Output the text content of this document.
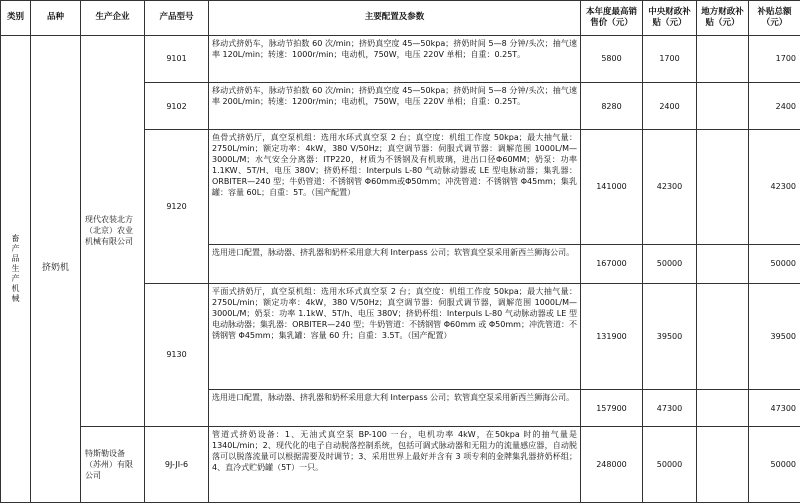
类别	品种	生产企业	产品型号	主要配置及参数	本年度最高销售价（元）	中央财政补贴（元）	地方财政补贴（元）	补贴总额（元）
畜产品生产机械	挤奶机	现代农装北方（北京）农业机械有限公司	9101	移动式挤奶车，脉动节拍数 60 次/min；挤奶真空度 45—50kpa；挤奶时间 5—8 分钟/头次；抽气速率 120L/min；转速：1000r/min；电动机，750W，电压 220V 单相；自重：0.25T。	5800	1700		1700
			9102	移动式挤奶车，脉动节拍数 60 次/min；挤奶真空度 45—50kpa；挤奶时间 5—8 分钟/头次；抽气速率 200L/min；转速：1200r/min；电动机，750W，电压 220V 单相；自重：0.25T。	8280	2400		2400
			9120	鱼骨式挤奶厅，真空泵机组：选用水环式真空泵 2 台；真空度：机组工作度 50kpa；最大抽气量：2750L/min；额定功率：4kW，380 V/50Hz；真空调节器：伺服式调节器：调解范围 1000L/M—3000L/M；水气安全分离器：ITP220，材质为不锈钢及有机玻璃，进出口径Φ60MM；奶泵：功率 1.1KW、5T/H、电压 380V；挤奶杯组：Interpuls L-80 气动脉动器或 LE 型电脉动器；集乳器： ORBITER—240 型；牛奶管道：不锈钢管 Φ60mm或Φ50mm；冲洗管道：不锈钢管 Φ45mm；集乳罐：容量 60L；自重：5T。（国产配置）	141000	42300		42300
				选用进口配置，脉动器、挤乳器和奶杯采用意大利 Interpass 公司；软管真空泵采用新西兰狮海公司。	167000	50000		50000
			9130	平面式挤奶厅，真空泵机组：选用水环式真空泵 2 台；真空度：机组工作度 50kpa；最大抽气量：2750L/min；额定功率：4kW，380 V/50Hz；真空调节器：伺服式调节器，调解范围 1000L/M—3000L/M；奶泵：功率 1.1kW、5T/h、电压 380V；挤奶杯组：Interpuls L-80 气动脉动器或 LE 型电动脉动器；集乳器：ORBITER—240 型；牛奶管道：不锈钢管 Φ60mm 或 Φ50mm；冲洗管道：不锈钢管 Φ45mm；集乳罐：容量 60 升；自重：3.5T。（国产配置）	131900	39500		39500
				选用进口配置，脉动器、挤乳器和奶杯采用意大利 Interpass 公司；软管真空泵采用新西兰狮海公司。	157900	47300		47300
		特斯勒设备（苏州）有限公司	9J-JI-6	管道式挤奶设备：1、无油式真空泵 BP-100 一台，电机功率 4kW，在50kpa 时的抽气量是 1340L/min；2、现代化的电子自动脱落控制系统，包括可调式脉动器和无阻力的流量感应器，自动脱落可以脱落流量可以根据需要及时调节；3、采用世界上最好并含有 3 项专利的金牌集乳器挤奶杯组；4、直冷式贮奶罐（5T）一只。	248000	50000		50000
